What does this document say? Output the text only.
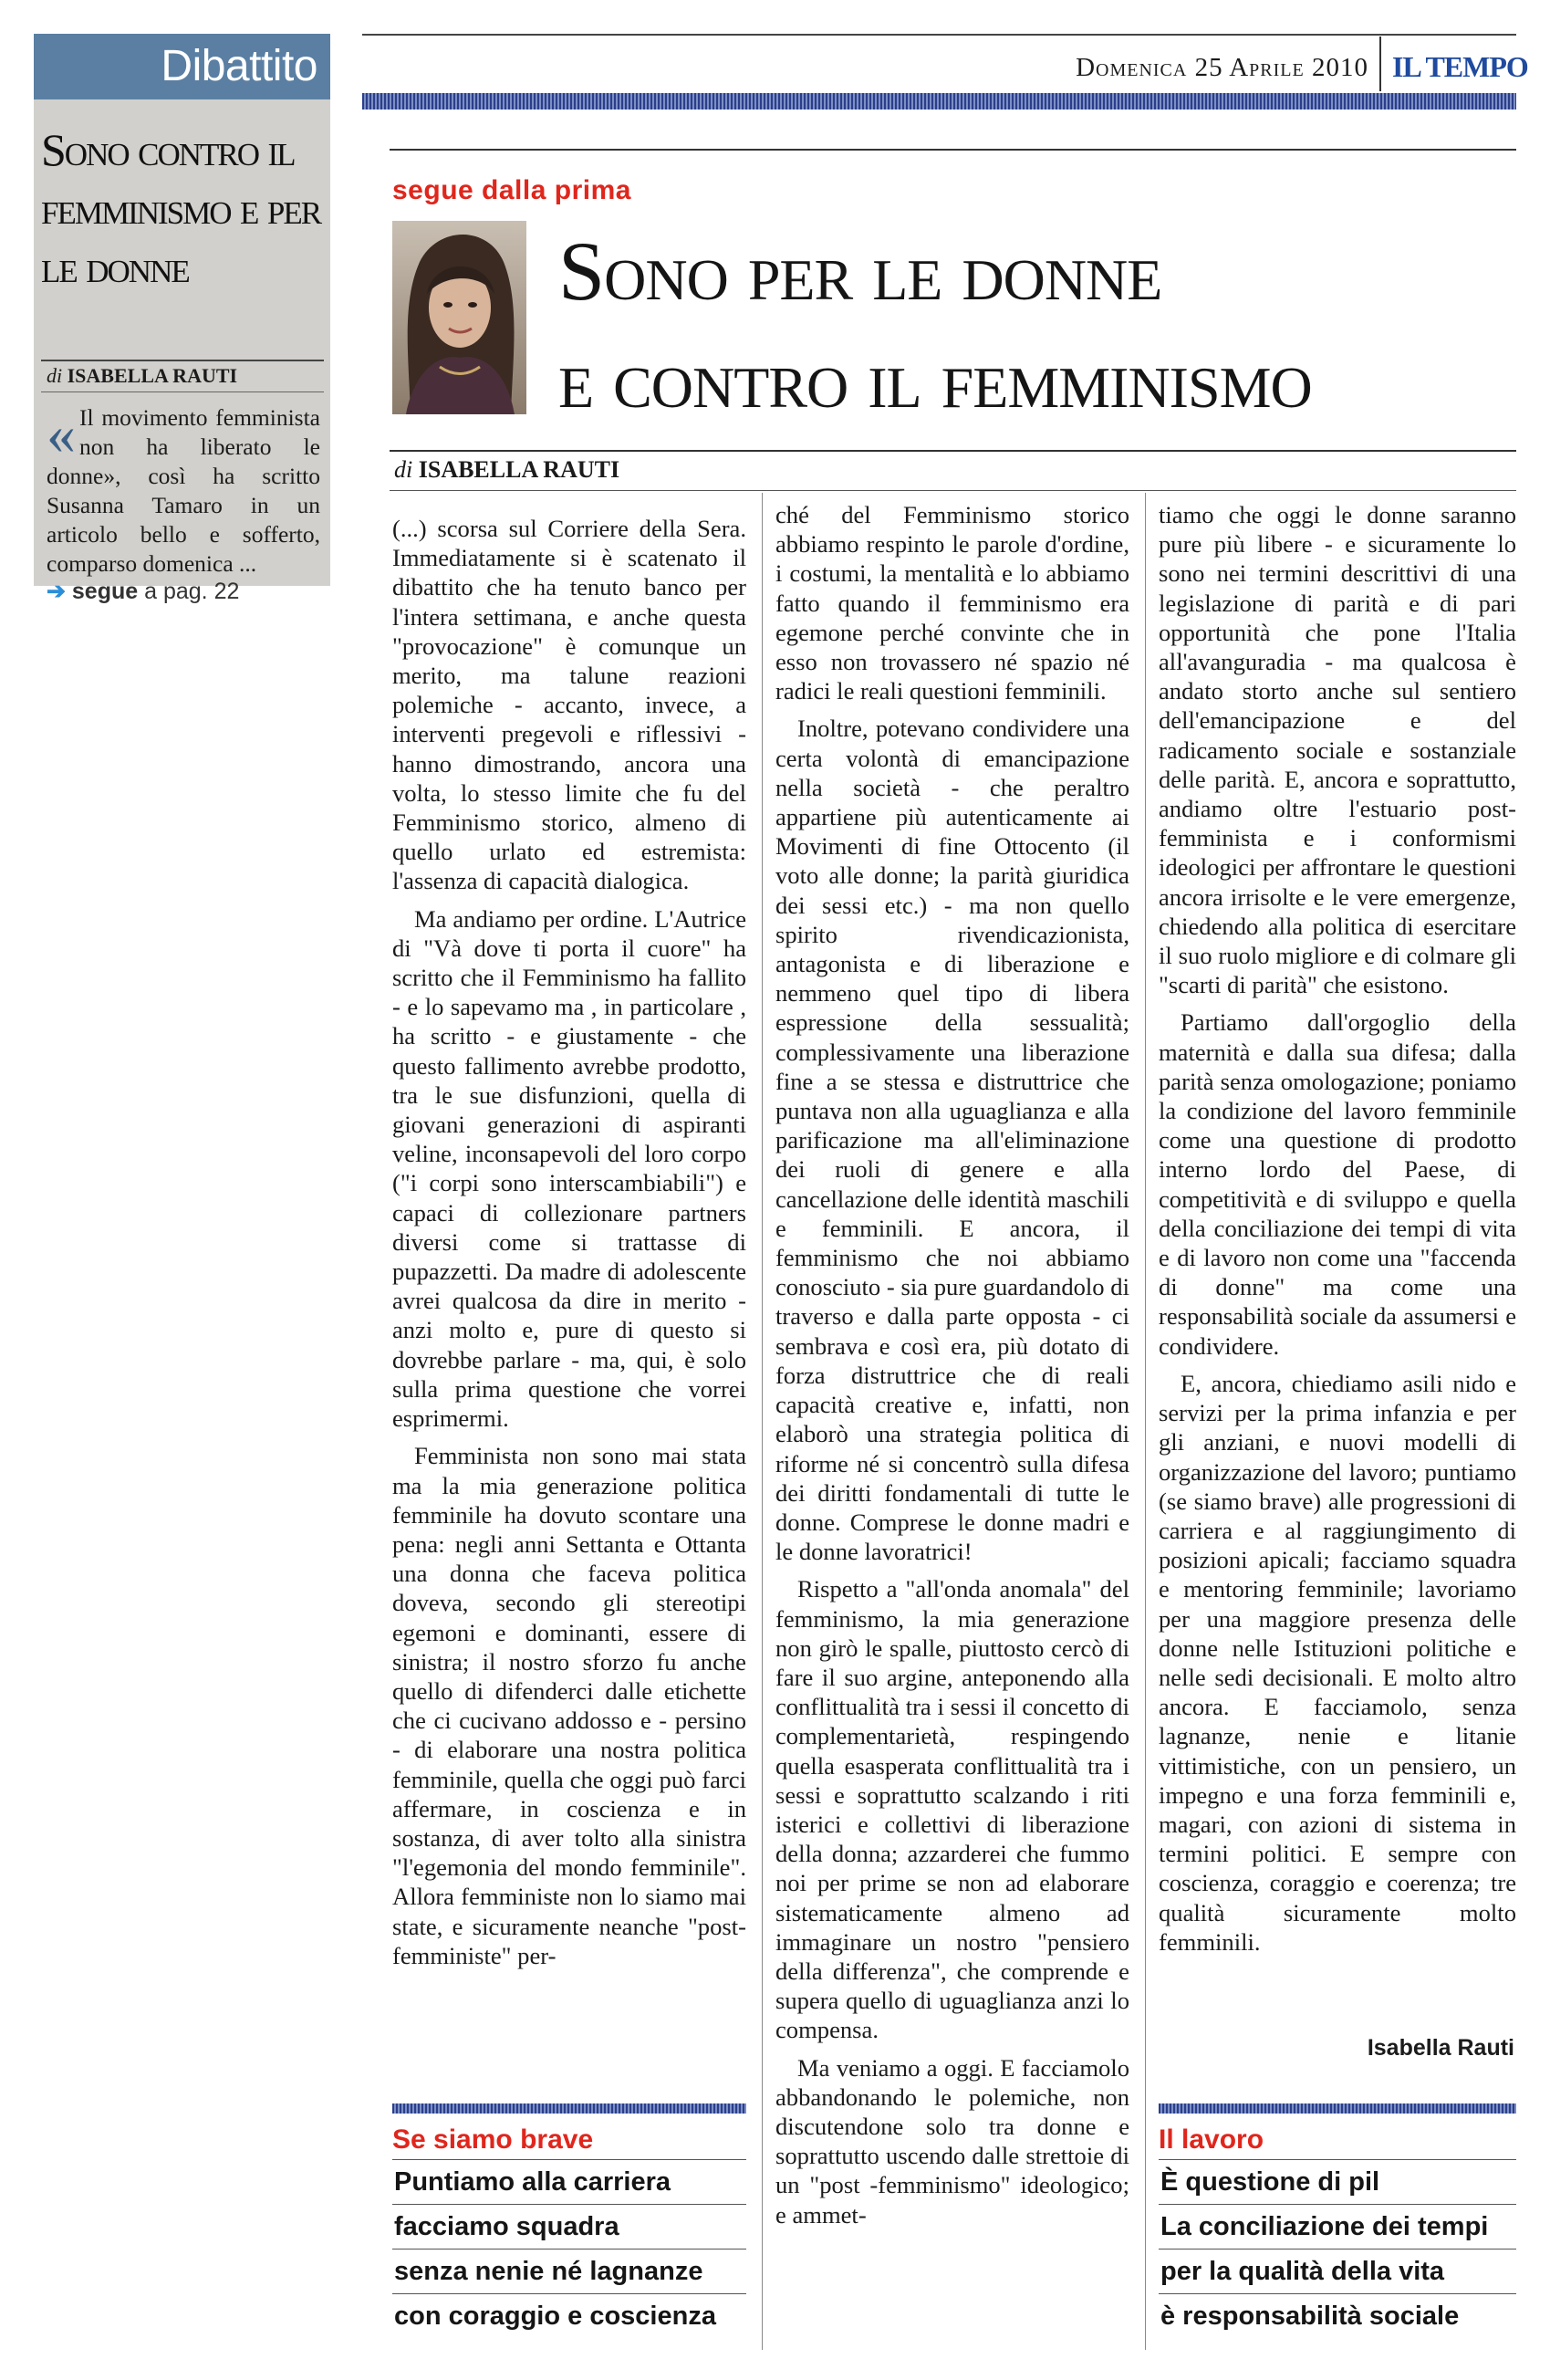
Dibattito
Sono contro il femminismo e per le donne
di ISABELLA RAUTI
« Il movimento femminista non ha liberato le donne», così ha scritto Susanna Tamaro in un articolo bello e sofferto, comparso domenica ...
➔ segue a pag. 22
Domenica 25 Aprile 2010 IL TEMPO
segue dalla prima
Sono per le donne
e contro il femminismo
di ISABELLA RAUTI

(...) scorsa sul Corriere della Sera. Immediatamente si è scatenato il dibattito che ha tenuto banco per l'intera settimana, e anche questa "provocazione" è comunque un merito, ma talune reazioni polemiche - accanto, invece, a interventi pregevoli e riflessivi - hanno dimostrando, ancora una volta, lo stesso limite che fu del Femminismo storico, almeno di quello urlato ed estremista: l'assenza di capacità dialogica.

Ma andiamo per ordine. L'Autrice di "Và dove ti porta il cuore" ha scritto che il Femminismo ha fallito - e lo sapevamo ma , in particolare , ha scritto - e giustamente - che questo fallimento avrebbe prodotto, tra le sue disfunzioni, quella di giovani generazioni di aspiranti veline, inconsapevoli del loro corpo ("i corpi sono interscambiabili") e capaci di collezionare partners diversi come si trattasse di pupazzetti. Da madre di adolescente avrei qualcosa da dire in merito - anzi molto e, pure di questo si dovrebbe parlare - ma, qui, è solo sulla prima questione che vorrei esprimermi.

Femminista non sono mai stata ma la mia generazione politica femminile ha dovuto scontare una pena: negli anni Settanta e Ottanta una donna che faceva politica doveva, secondo gli stereotipi egemoni e dominanti, essere di sinistra; il nostro sforzo fu anche quello di difenderci dalle etichette che ci cucivano addosso e - persino - di elaborare una nostra politica femminile, quella che oggi può farci affermare, in coscienza e in sostanza, di aver tolto alla sinistra "l'egemonia del mondo femminile". Allora femministe non lo siamo mai state, e sicuramente neanche "post-femministe" per-

ché del Femminismo storico abbiamo respinto le parole d'ordine, i costumi, la mentalità e lo abbiamo fatto quando il femminismo era egemone perché convinte che in esso non trovassero né spazio né radici le reali questioni femminili.

Inoltre, potevano condividere una certa volontà di emancipazione nella società - che peraltro appartiene più autenticamente ai Movimenti di fine Ottocento (il voto alle donne; la parità giuridica dei sessi etc.) - ma non quello spirito rivendicazionista, antagonista e di liberazione e nemmeno quel tipo di libera espressione della sessualità; complessivamente una liberazione fine a se stessa e distruttrice che puntava non alla uguaglianza e alla parificazione ma all'eliminazione dei ruoli di genere e alla cancellazione delle identità maschili e femminili. E ancora, il femminismo che noi abbiamo conosciuto - sia pure guardandolo di traverso e dalla parte opposta - ci sembrava e così era, più dotato di forza distruttrice che di reali capacità creative e, infatti, non elaborò una strategia politica di riforme né si concentrò sulla difesa dei diritti fondamentali di tutte le donne. Comprese le donne madri e le donne lavoratrici!

Rispetto a "all'onda anomala" del femminismo, la mia generazione non girò le spalle, piuttosto cercò di fare il suo argine, anteponendo alla conflittualità tra i sessi il concetto di complementarietà, respingendo quella esasperata conflittualità tra i sessi e soprattutto scalzando i riti isterici e collettivi di liberazione della donna; azzarderei che fummo noi per prime se non ad elaborare sistematicamente almeno ad immaginare un nostro "pensiero della differenza", che comprende e supera quello di uguaglianza anzi lo compensa.

Ma veniamo a oggi. E facciamolo abbandonando le polemiche, non discutendone solo tra donne e soprattutto uscendo dalle strettoie di un "post -femminismo" ideologico; e ammet-

tiamo che oggi le donne saranno pure più libere - e sicuramente lo sono nei termini descrittivi di una legislazione di parità e di pari opportunità che pone l'Italia all'avanguradia - ma qualcosa è andato storto anche sul sentiero dell'emancipazione e del radicamento sociale e sostanziale delle parità. E, ancora e soprattutto, andiamo oltre l'estuario post-femminista e i conformismi ideologici per affrontare le questioni ancora irrisolte e le vere emergenze, chiedendo alla politica di esercitare il suo ruolo migliore e di colmare gli "scarti di parità" che esistono.

Partiamo dall'orgoglio della maternità e dalla sua difesa; dalla parità senza omologazione; poniamo la condizione del lavoro femminile come una questione di prodotto interno lordo del Paese, di competitività e di sviluppo e quella della conciliazione dei tempi di vita e di lavoro non come una "faccenda di donne" ma come una responsabilità sociale da assumersi e condividere.

E, ancora, chiediamo asili nido e servizi per la prima infanzia e per gli anziani, e nuovi modelli di organizzazione del lavoro; puntiamo (se siamo brave) alle progressioni di carriera e al raggiungimento di posizioni apicali; facciamo squadra e mentoring femminile; lavoriamo per una maggiore presenza delle donne nelle Istituzioni politiche e nelle sedi decisionali. E molto altro ancora. E facciamolo, senza lagnanze, nenie e litanie vittimistiche, con un pensiero, un impegno e una forza femminili e, magari, con azioni di sistema in termini politici. E sempre con coscienza, coraggio e coerenza; tre qualità sicuramente molto femminili.

Isabella Rauti
Se siamo brave
Puntiamo alla carriera
facciamo squadra
senza nenie né lagnanze
con coraggio e coscienza
Il lavoro
È questione di pil
La conciliazione dei tempi
per la qualità della vita
è responsabilità sociale
